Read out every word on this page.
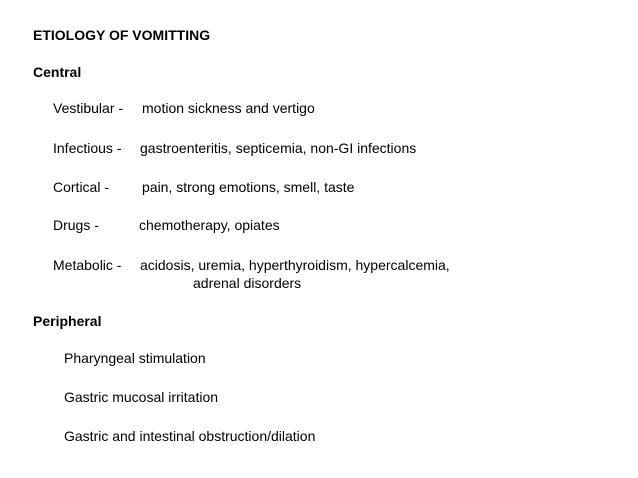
ETIOLOGY OF VOMITTING
Central
Vestibular - motion sickness and vertigo
Infectious - gastroenteritis, septicemia, non-GI infections
Cortical - pain, strong emotions, smell, taste
Drugs -	chemotherapy, opiates
Metabolic - acidosis, uremia, hyperthyroidism, hypercalcemia,
adrenal disorders
Peripheral
Pharyngeal stimulation
Gastric mucosal irritation
Gastric and intestinal obstruction/dilation
